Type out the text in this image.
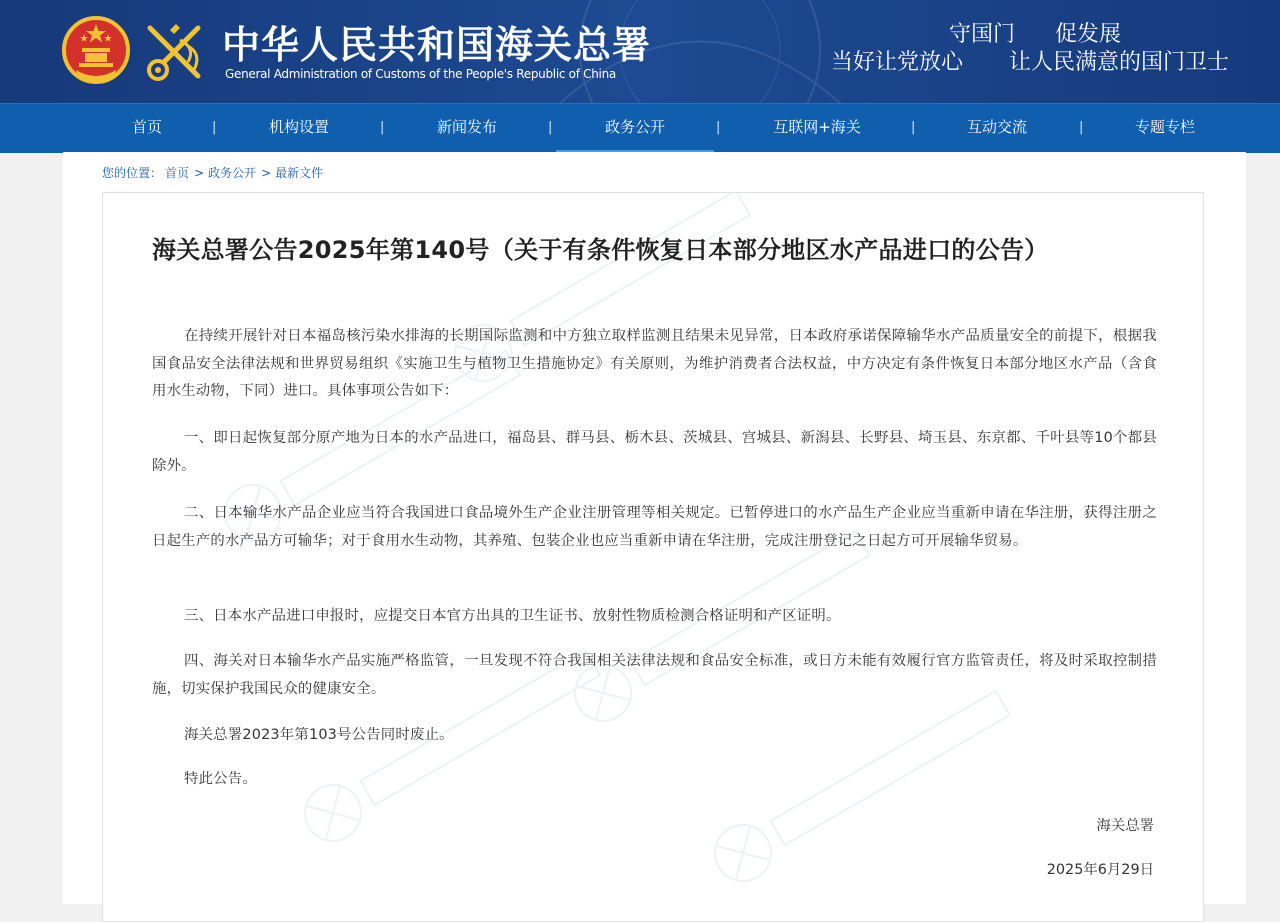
中华人民共和国海关总署
General Administration of Customs of the People's Republic of China
守国门 促发展
当好让党放心 让人民满意的国门卫士
首页	|	机构设置	|	新闻发布	|	政务公开	|	互联网+海关	|	互动交流	|	专题专栏
您的位置： 首页 > 政务公开 > 最新文件
海关总署公告2025年第140号（关于有条件恢复日本部分地区水产品进口的公告）
在持续开展针对日本福岛核污染水排海的长期国际监测和中方独立取样监测且结果未见异常，日本政府承诺保障输华水产品质量安全的前提下，根据我国食品安全法律法规和世界贸易组织《实施卫生与植物卫生措施协定》有关原则，为维护消费者合法权益，中方决定有条件恢复日本部分地区水产品（含食用水生动物，下同）进口。具体事项公告如下：
一、即日起恢复部分原产地为日本的水产品进口，福岛县、群马县、栃木县、茨城县、宫城县、新潟县、长野县、埼玉县、东京都、千叶县等10个都县除外。
二、日本输华水产品企业应当符合我国进口食品境外生产企业注册管理等相关规定。已暂停进口的水产品生产企业应当重新申请在华注册，获得注册之日起生产的水产品方可输华；对于食用水生动物，其养殖、包装企业也应当重新申请在华注册，完成注册登记之日起方可开展输华贸易。
三、日本水产品进口申报时，应提交日本官方出具的卫生证书、放射性物质检测合格证明和产区证明。
四、海关对日本输华水产品实施严格监管，一旦发现不符合我国相关法律法规和食品安全标准，或日方未能有效履行官方监管责任，将及时采取控制措施，切实保护我国民众的健康安全。
海关总署2023年第103号公告同时废止。
特此公告。
海关总署
2025年6月29日
